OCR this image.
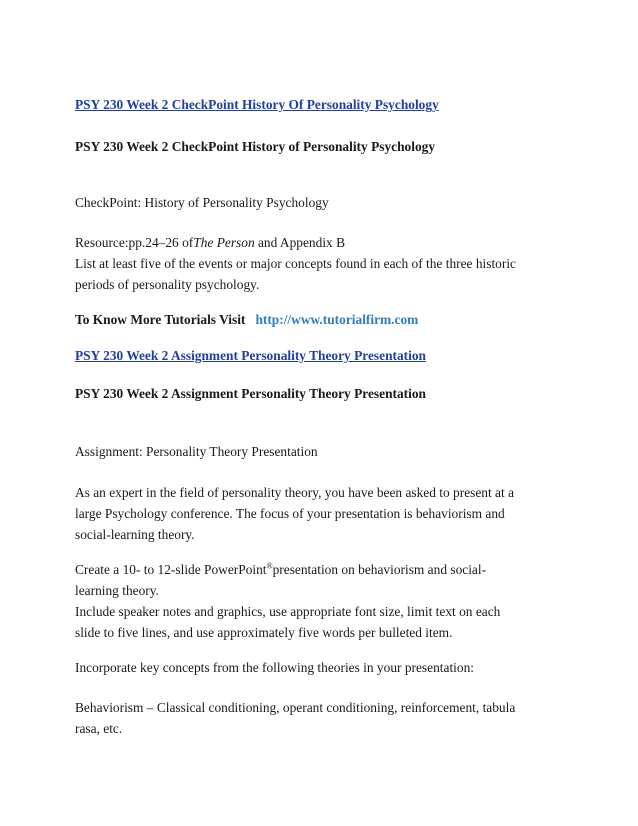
PSY 230 Week 2 CheckPoint History Of Personality Psychology
PSY 230 Week 2 CheckPoint History of Personality Psychology
CheckPoint: History of Personality Psychology
Resource:pp.24–26 ofThe Person and Appendix B
List at least five of the events or major concepts found in each of the three historic
periods of personality psychology.
To Know More Tutorials Visit http://www.tutorialfirm.com
PSY 230 Week 2 Assignment Personality Theory Presentation
PSY 230 Week 2 Assignment Personality Theory Presentation
Assignment: Personality Theory Presentation
As an expert in the field of personality theory, you have been asked to present at a
large Psychology conference. The focus of your presentation is behaviorism and
social-learning theory.
Create a 10- to 12-slide PowerPoint®presentation on behaviorism and social-
learning theory.
Include speaker notes and graphics, use appropriate font size, limit text on each
slide to five lines, and use approximately five words per bulleted item.
Incorporate key concepts from the following theories in your presentation:
Behaviorism – Classical conditioning, operant conditioning, reinforcement, tabula
rasa, etc.
